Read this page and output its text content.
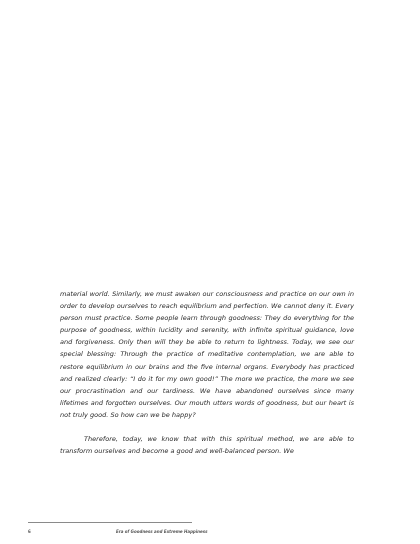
material world. Similarly, we must awaken our consciousness and practice on our own in order to develop ourselves to reach equilibrium and perfection. We cannot deny it. Every person must practice. Some people learn through goodness: They do everything for the purpose of goodness, within lucidity and serenity, with infinite spiritual guidance, love and forgiveness. Only then will they be able to return to lightness. Today, we see our special blessing: Through the practice of meditative contemplation, we are able to restore equilibrium in our brains and the five internal organs. Everybody has practiced and realized clearly: “I do it for my own good!” The more we practice, the more we see our procrastination and our tardiness. We have abandoned ourselves since many lifetimes and forgotten ourselves. Our mouth utters words of goodness, but our heart is not truly good. So how can we be happy?

Therefore, today, we know that with this spiritual method, we are able to transform ourselves and become a good and well-balanced person. We

6	Era of Goodness and Extreme Happiness
